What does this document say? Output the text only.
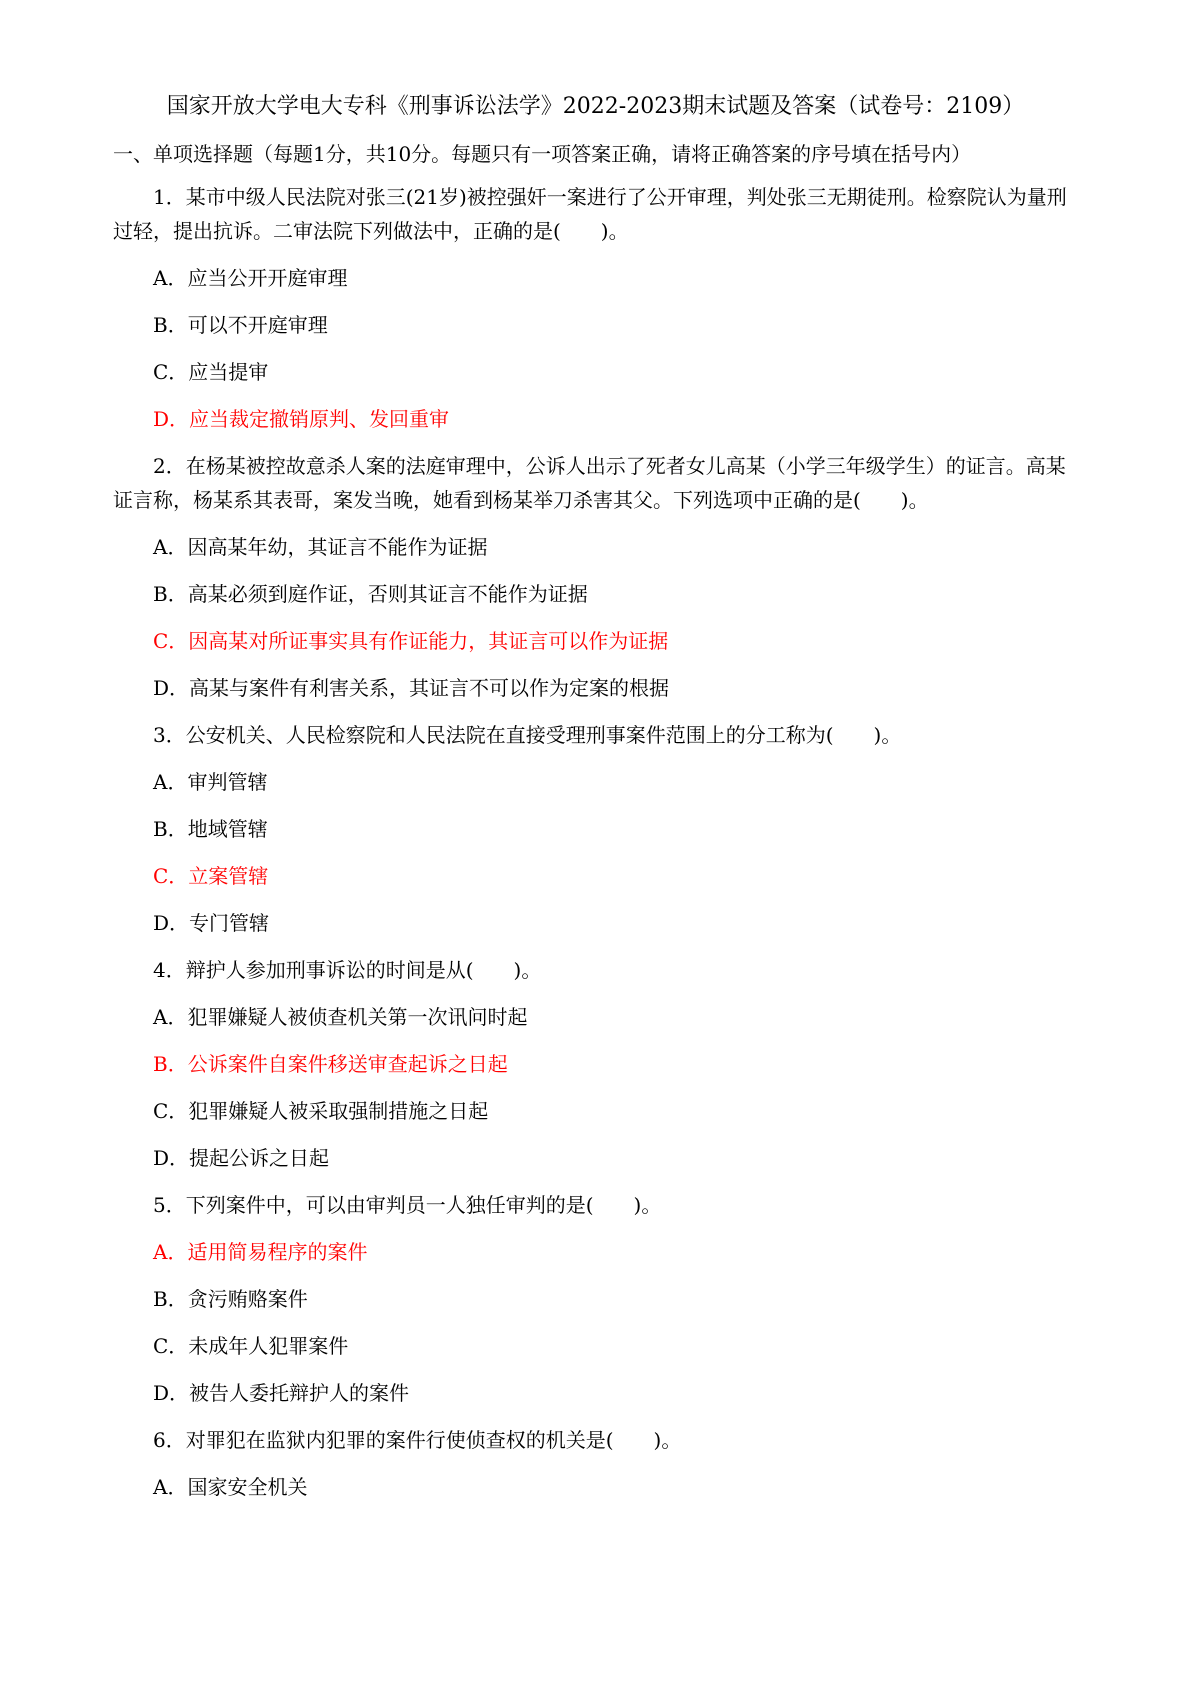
国家开放大学电大专科《刑事诉讼法学》2022-2023期末试题及答案（试卷号：2109）
一、单项选择题（每题1分，共10分。每题只有一项答案正确，请将正确答案的序号填在括号内）
1．某市中级人民法院对张三(21岁)被控强奸一案进行了公开审理，判处张三无期徒刑。检察院认为量刑过轻，提出抗诉。二审法院下列做法中，正确的是(　　)。
A．应当公开开庭审理
B．可以不开庭审理
C．应当提审
D．应当裁定撤销原判、发回重审
2．在杨某被控故意杀人案的法庭审理中，公诉人出示了死者女儿高某（小学三年级学生）的证言。高某证言称，杨某系其表哥，案发当晚，她看到杨某举刀杀害其父。下列选项中正确的是(　　)。
A．因高某年幼，其证言不能作为证据
B．高某必须到庭作证，否则其证言不能作为证据
C．因高某对所证事实具有作证能力，其证言可以作为证据
D．高某与案件有利害关系，其证言不可以作为定案的根据
3．公安机关、人民检察院和人民法院在直接受理刑事案件范围上的分工称为(　　)。
A．审判管辖
B．地域管辖
C．立案管辖
D．专门管辖
4．辩护人参加刑事诉讼的时间是从(　　)。
A．犯罪嫌疑人被侦查机关第一次讯问时起
B．公诉案件自案件移送审查起诉之日起
C．犯罪嫌疑人被采取强制措施之日起
D．提起公诉之日起
5．下列案件中，可以由审判员一人独任审判的是(　　)。
A．适用简易程序的案件
B．贪污贿赂案件
C．未成年人犯罪案件
D．被告人委托辩护人的案件
6．对罪犯在监狱内犯罪的案件行使侦查权的机关是(　　)。
A．国家安全机关
